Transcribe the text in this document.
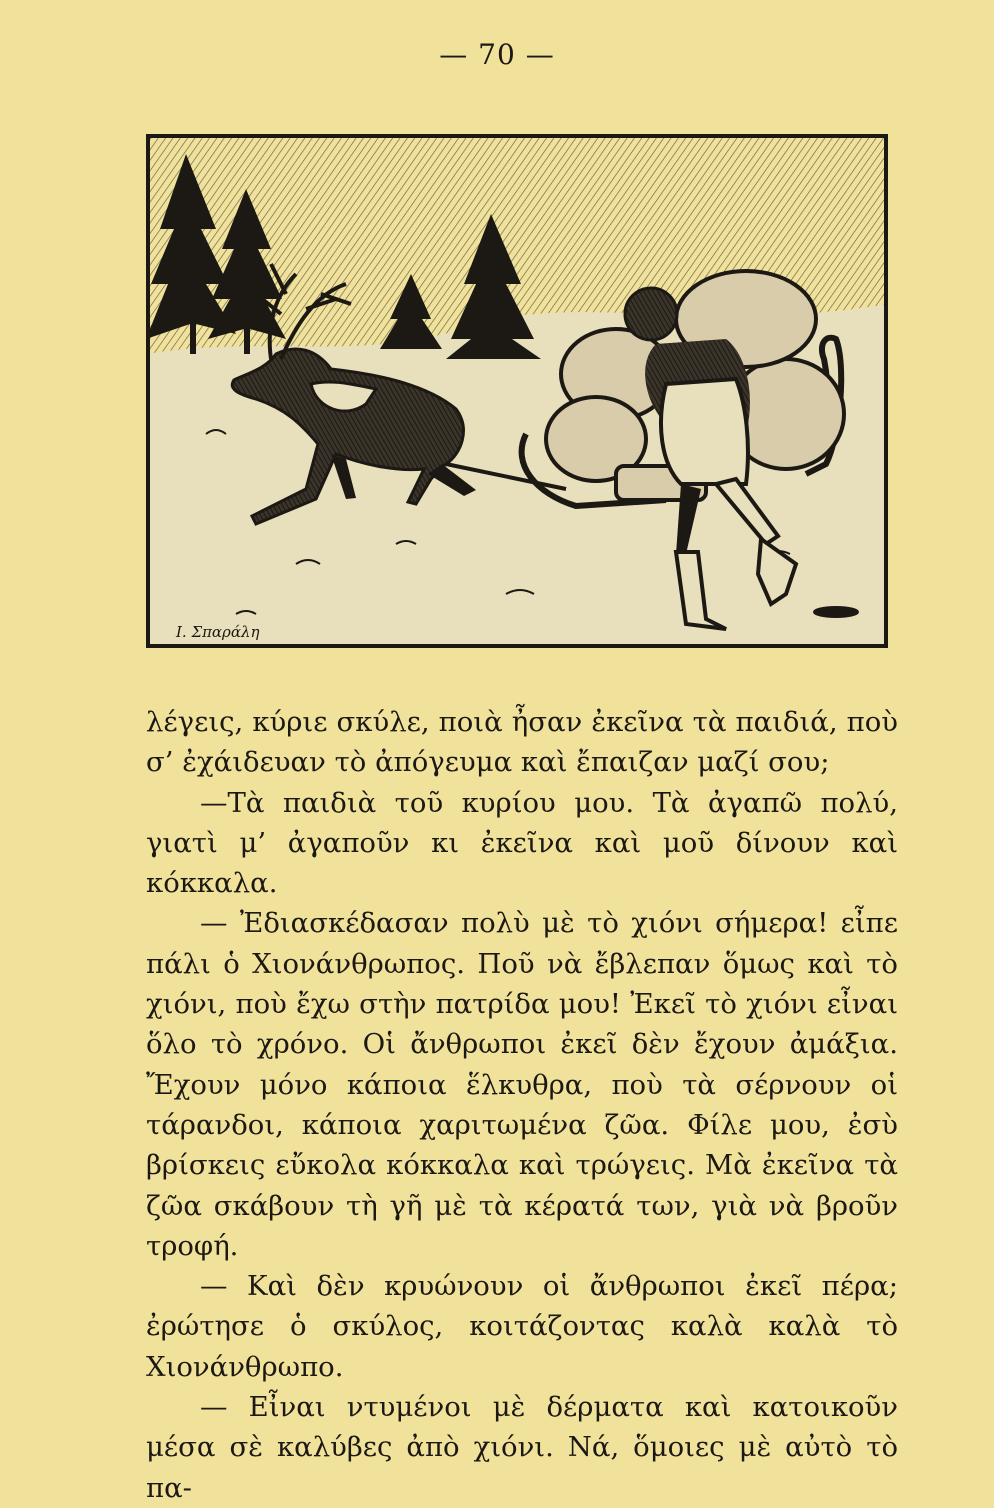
— 70 —
Ι. Σπαράλη

λέγεις, κύριε σκύλε, ποιὰ ἦσαν ἐκεῖνα τὰ παιδιά, ποὺ σ’ ἐχάιδευαν τὸ ἀπόγευμα καὶ ἔπαιζαν μαζί σου;

—Τὰ παιδιὰ τοῦ κυρίου μου. Τὰ ἀγαπῶ πολύ, γιατὶ μ’ ἀγαποῦν κι ἐκεῖνα καὶ μοῦ δίνουν καὶ κόκκαλα.

— Ἐδιασκέδασαν πολὺ μὲ τὸ χιόνι σήμερα! εἶπε πάλι ὁ Χιονάνθρωπος. Ποῦ νὰ ἔβλεπαν ὅμως καὶ τὸ χιόνι, ποὺ ἔχω στὴν πατρίδα μου! Ἐκεῖ τὸ χιόνι εἶναι ὅλο τὸ χρόνο. Οἱ ἄνθρωποι ἐκεῖ δὲν ἔχουν ἀμάξια. Ἔχουν μόνο κάποια ἕλκυθρα, ποὺ τὰ σέρνουν οἱ τάρανδοι, κάποια χαριτωμένα ζῶα. Φίλε μου, ἐσὺ βρίσκεις εὔκολα κόκκαλα καὶ τρώγεις. Μὰ ἐκεῖνα τὰ ζῶα σκάβουν τὴ γῆ μὲ τὰ κέρατά των, γιὰ νὰ βροῦν τροφή.

— Καὶ δὲν κρυώνουν οἱ ἄνθρωποι ἐκεῖ πέρα; ἐρώτησε ὁ σκύλος, κοιτάζοντας καλὰ καλὰ τὸ Χιονάνθρωπο.

— Εἶναι ντυμένοι μὲ δέρματα καὶ κατοικοῦν μέσα σὲ καλύβες ἀπὸ χιόνι. Νά, ὅμοιες μὲ αὐτὸ τὸ πα-
